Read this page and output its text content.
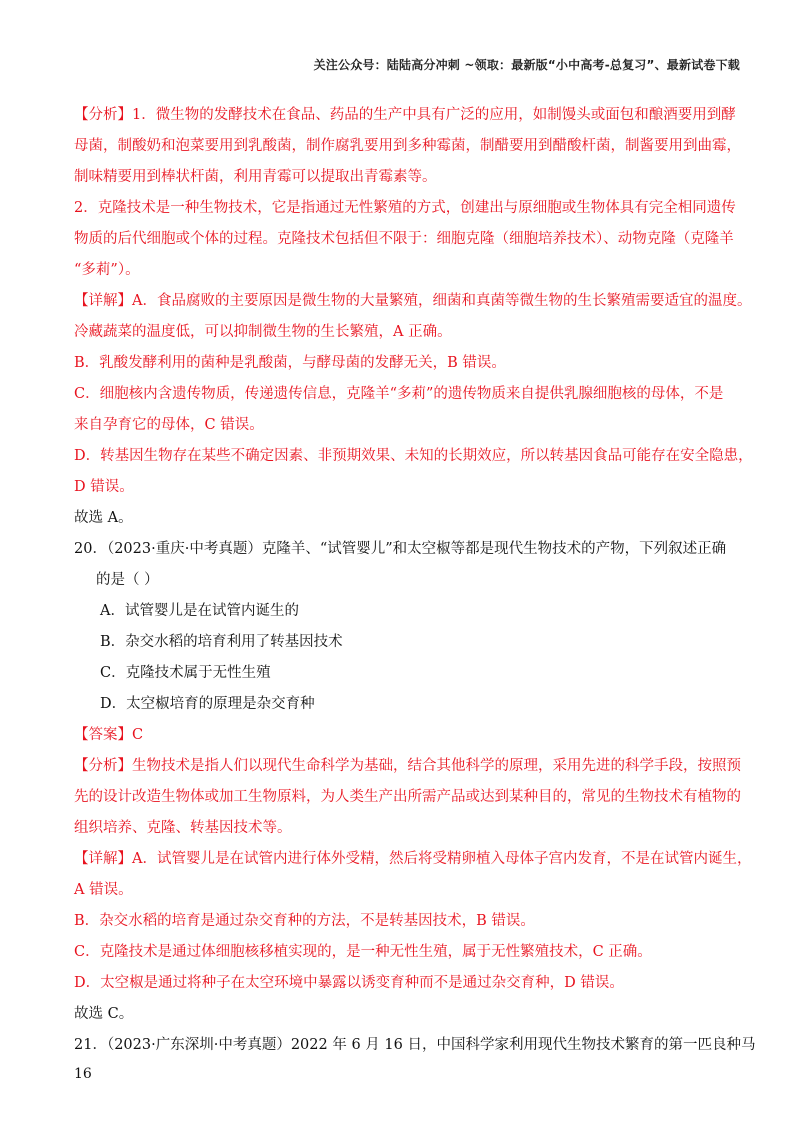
关注公众号：陆陆高分冲刺 ~领取：最新版“小中高考-总复习”、最新试卷下载
【分析】1．微生物的发酵技术在食品、药品的生产中具有广泛的应用，如制馒头或面包和酿酒要用到酵
母菌，制酸奶和泡菜要用到乳酸菌，制作腐乳要用到多种霉菌，制醋要用到醋酸杆菌，制酱要用到曲霉，
制味精要用到棒状杆菌，利用青霉可以提取出青霉素等。
2．克隆技术是一种生物技术，它是指通过无性繁殖的方式，创建出与原细胞或生物体具有完全相同遗传
物质的后代细胞或个体的过程。克隆技术包括但不限于：细胞克隆（细胞培养技术）、动物克隆（克隆羊
“多莉”）。
【详解】A．食品腐败的主要原因是微生物的大量繁殖，细菌和真菌等微生物的生长繁殖需要适宜的温度。
冷藏蔬菜的温度低，可以抑制微生物的生长繁殖，A 正确。
B．乳酸发酵利用的菌种是乳酸菌，与酵母菌的发酵无关，B 错误。
C．细胞核内含遗传物质，传递遗传信息，克隆羊“多莉”的遗传物质来自提供乳腺细胞核的母体，不是
来自孕育它的母体，C 错误。
D．转基因生物存在某些不确定因素、非预期效果、未知的长期效应，所以转基因食品可能存在安全隐患，
D 错误。
故选 A。
20．（2023·重庆·中考真题）克隆羊、“试管婴儿”和太空椒等都是现代生物技术的产物，下列叙述正确
的是（ ）
A．试管婴儿是在试管内诞生的
B．杂交水稻的培育利用了转基因技术
C．克隆技术属于无性生殖
D．太空椒培育的原理是杂交育种
【答案】C
【分析】生物技术是指人们以现代生命科学为基础，结合其他科学的原理，采用先进的科学手段，按照预
先的设计改造生物体或加工生物原料，为人类生产出所需产品或达到某种目的，常见的生物技术有植物的
组织培养、克隆、转基因技术等。
【详解】A．试管婴儿是在试管内进行体外受精，然后将受精卵植入母体子宫内发育，不是在试管内诞生，
A 错误。
B．杂交水稻的培育是通过杂交育种的方法，不是转基因技术，B 错误。
C．克隆技术是通过体细胞核移植实现的，是一种无性生殖，属于无性繁殖技术，C 正确。
D．太空椒是通过将种子在太空环境中暴露以诱变育种而不是通过杂交育种，D 错误。
故选 C。
21．（2023·广东深圳·中考真题）2022 年 6 月 16 日，中国科学家利用现代生物技术繁育的第一匹良种马
16
